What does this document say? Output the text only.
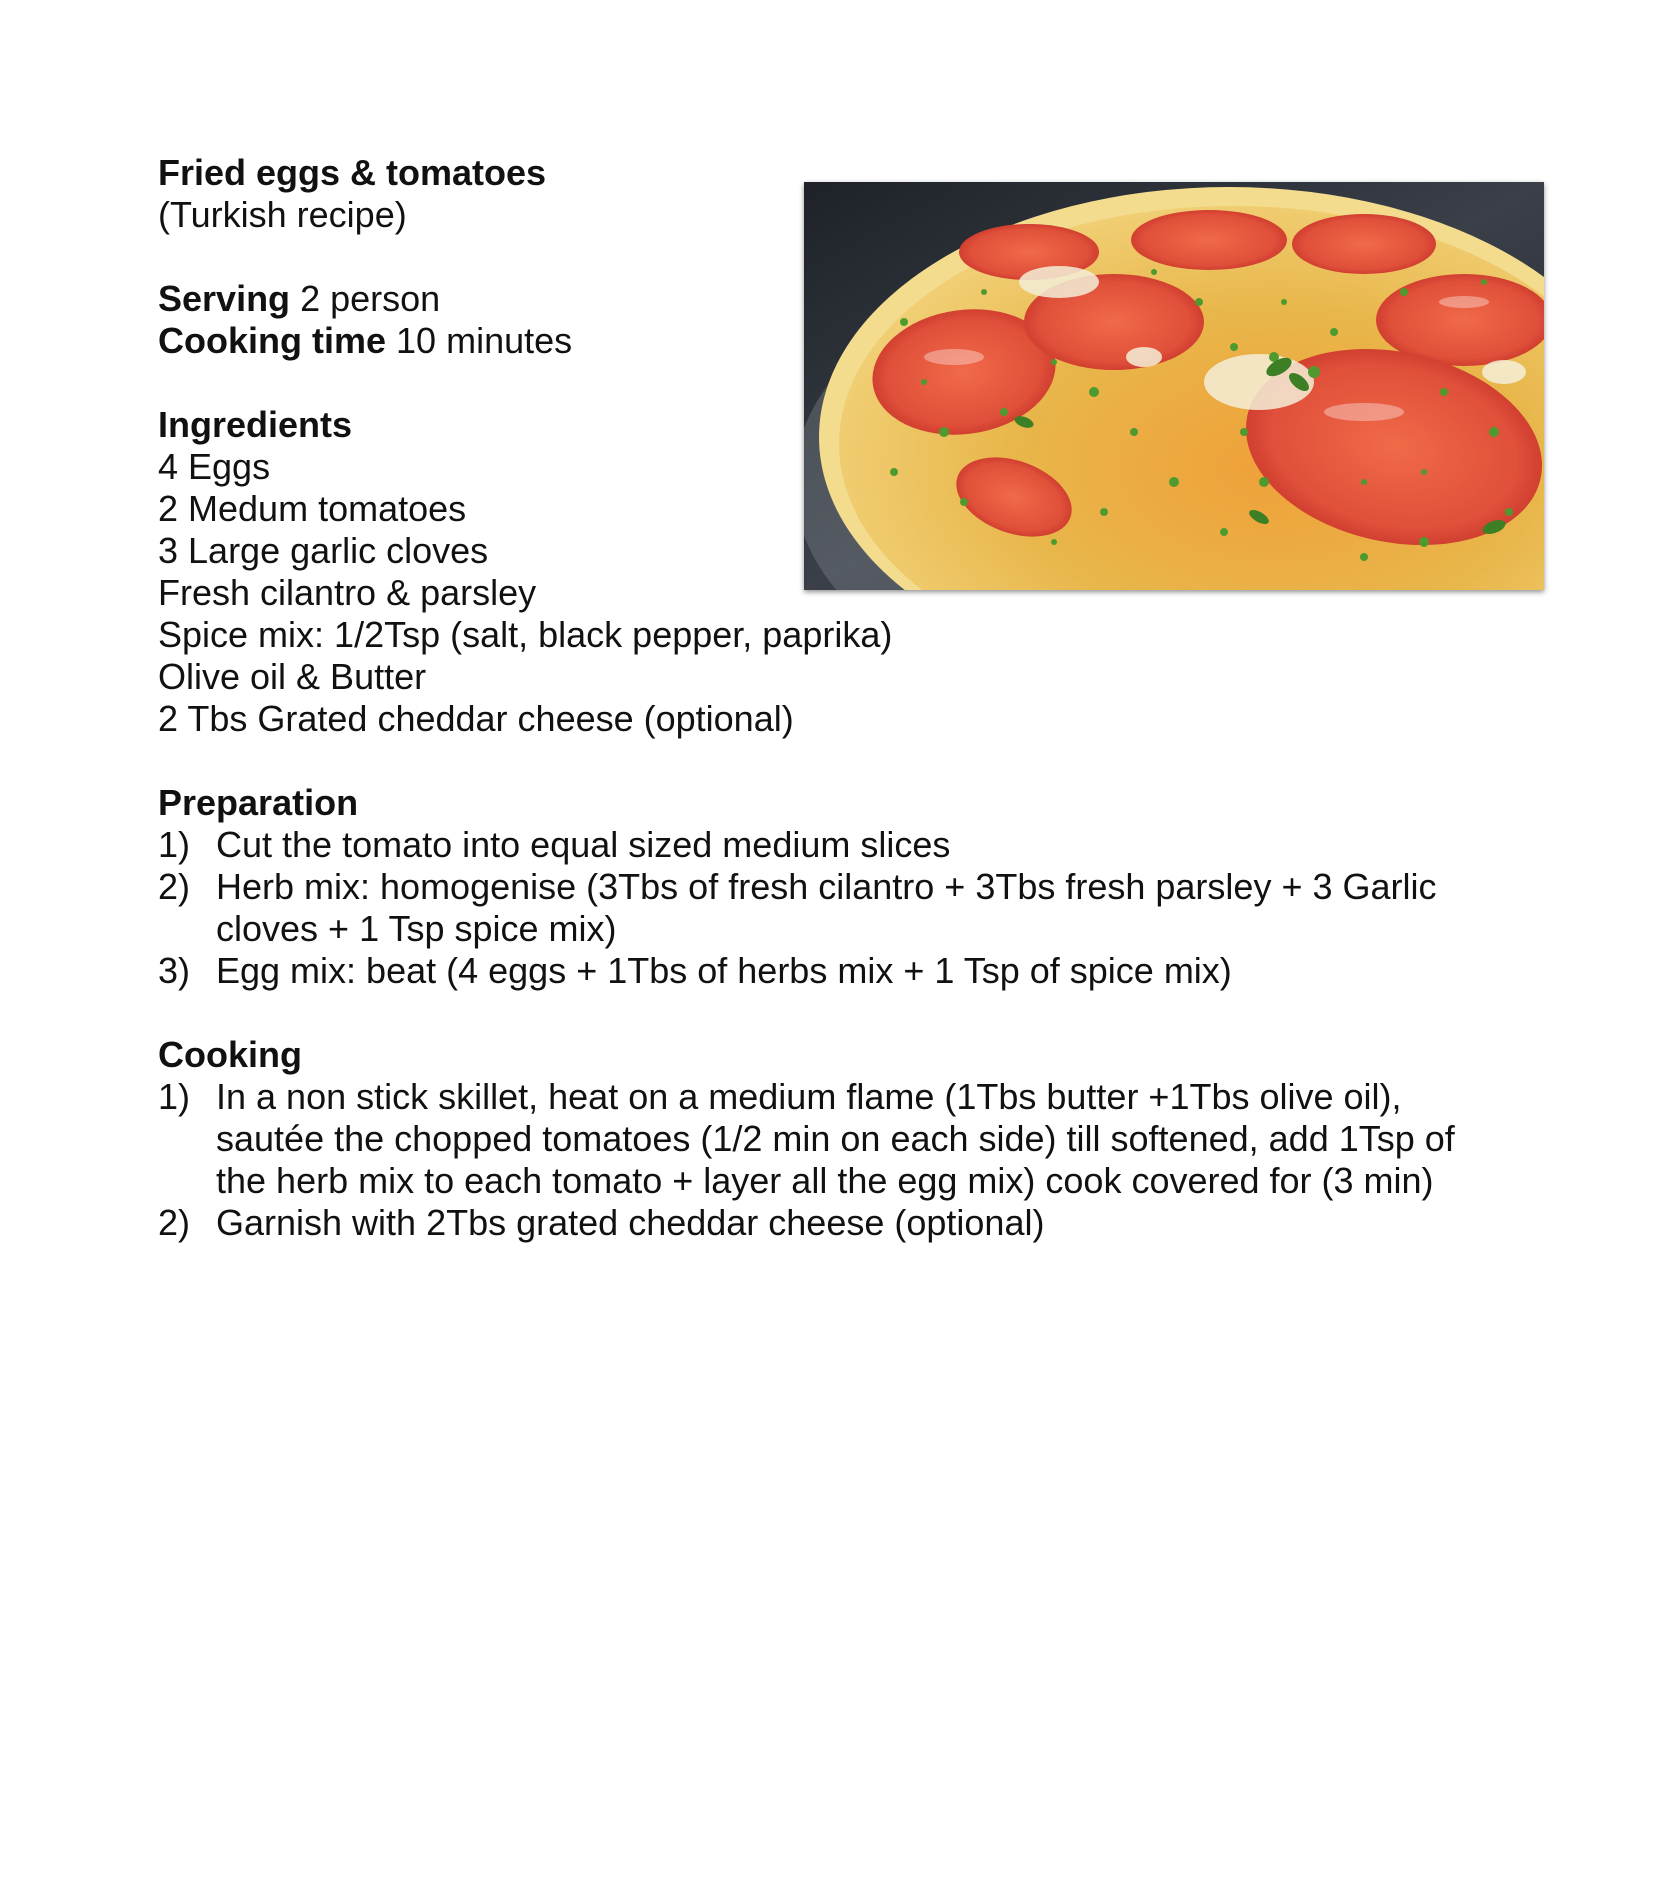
Fried eggs & tomatoes
(Turkish recipe)
Serving 2 person
Cooking time 10 minutes
Ingredients
4 Eggs
2 Medum tomatoes
3 Large garlic cloves
Fresh cilantro & parsley
Spice mix: 1/2Tsp (salt, black pepper, paprika)
Olive oil & Butter
2 Tbs Grated cheddar cheese (optional)
Preparation
1) Cut the tomato into equal sized medium slices
2) Herb mix: homogenise (3Tbs of fresh cilantro + 3Tbs fresh parsley + 3 Garlic
cloves + 1 Tsp spice mix)
3) Egg mix: beat (4 eggs + 1Tbs of herbs mix + 1 Tsp of spice mix)
Cooking
1) In a non stick skillet, heat on a medium flame (1Tbs butter +1Tbs olive oil),
sautée the chopped tomatoes (1/2 min on each side) till softened, add 1Tsp of
the herb mix to each tomato + layer all the egg mix) cook covered for (3 min)
2) Garnish with 2Tbs grated cheddar cheese (optional)
